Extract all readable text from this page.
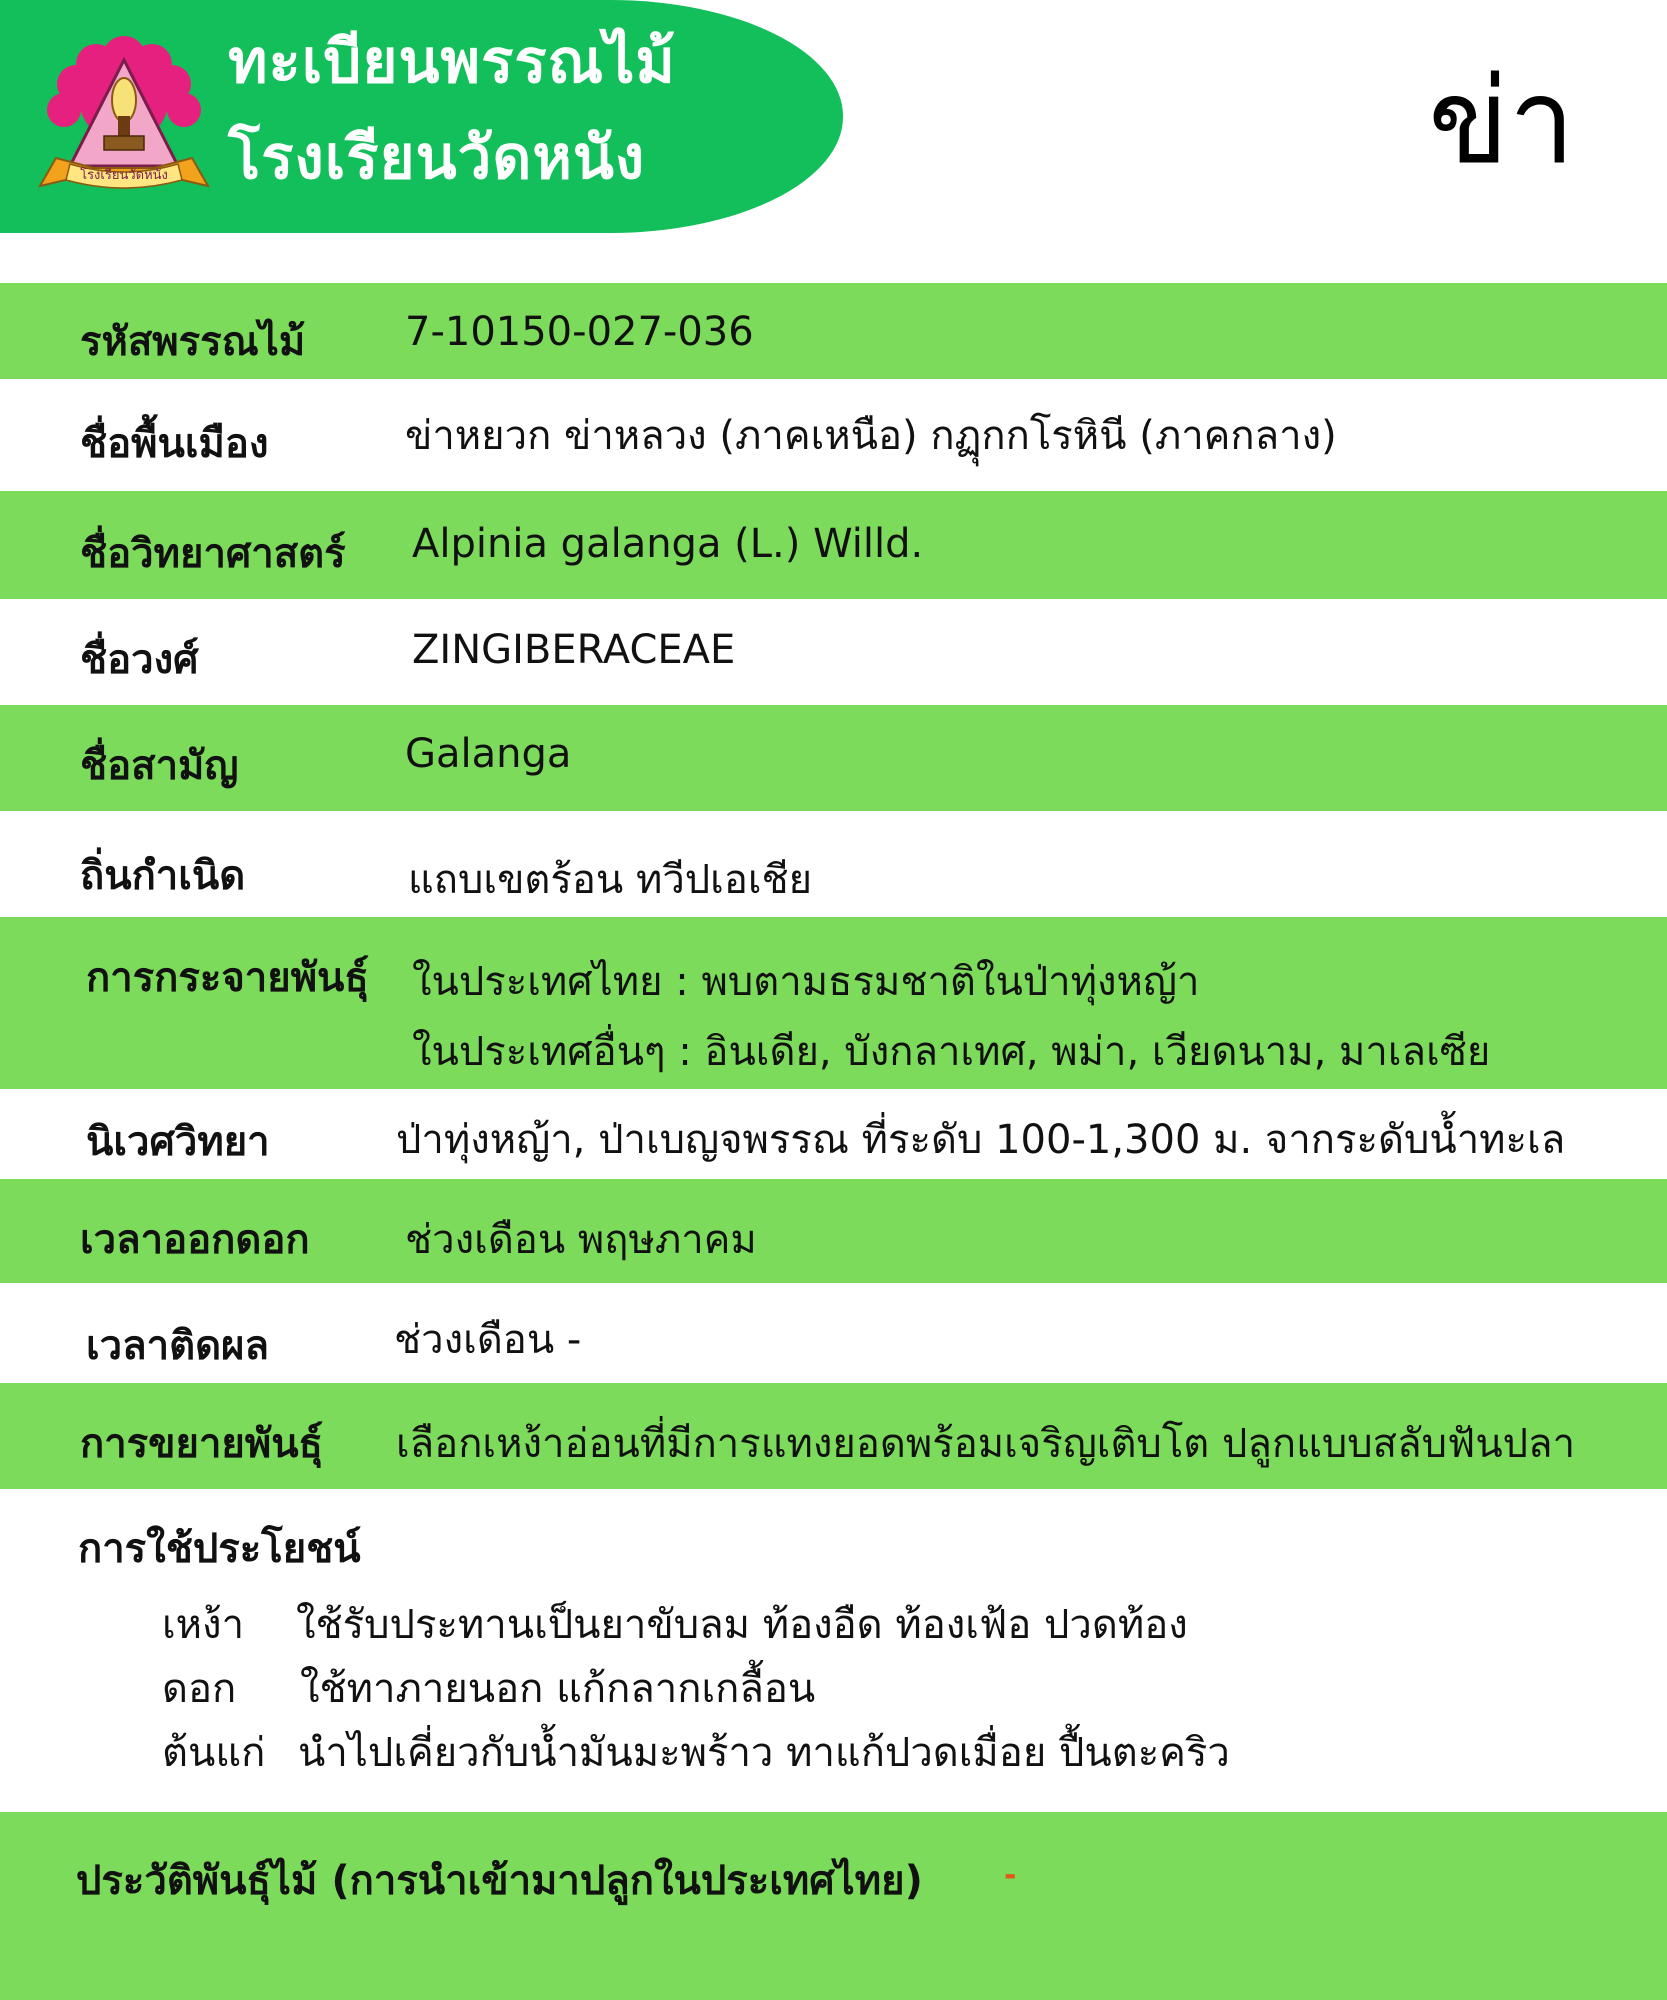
โรงเรียนวัดหนัง
ทะเบียนพรรณไม้
โรงเรียนวัดหนัง	ข่า
รหัสพรรณไม้ 7-10150-027-036
ชื่อพื้นเมือง	ข่าหยวก ข่าหลวง (ภาคเหนือ) กฏุกกโรหินี (ภาคกลาง)
ชื่อวิทยาศาสตร์ Alpinia galanga (L.) Willd.
ชื่อวงศ์	ZINGIBERACEAE
ชื่อสามัญ	Galanga
ถิ่นกำเนิด	แถบเขตร้อน ทวีปเอเชีย
การกระจายพันธุ์ ในประเทศไทย : พบตามธรมชาติในป่าทุ่งหญ้า
ในประเทศอื่นๆ : อินเดีย, บังกลาเทศ, พม่า, เวียดนาม, มาเลเซีย
นิเวศวิทยา	ป่าทุ่งหญ้า, ป่าเบญจพรรณ ที่ระดับ 100-1,300 ม. จากระดับน้ำทะเล
เวลาออกดอก ช่วงเดือน พฤษภาคม
เวลาติดผล	ช่วงเดือน -
การขยายพันธุ์ เลือกเหง้าอ่อนที่มีการแทงยอดพร้อมเจริญเติบโต ปลูกแบบสลับฟันปลา
การใช้ประโยชน์
เหง้า ใช้รับประทานเป็นยาขับลม ท้องอืด ท้องเฟ้อ ปวดท้อง
ดอก ใช้ทาภายนอก แก้กลากเกลื้อน
ต้นแก่ นำไปเคี่ยวกับน้ำมันมะพร้าว ทาแก้ปวดเมื่อย ปื้นตะคริว
ประวัติพันธุ์ไม้ (การนำเข้ามาปลูกในประเทศไทย)	-
